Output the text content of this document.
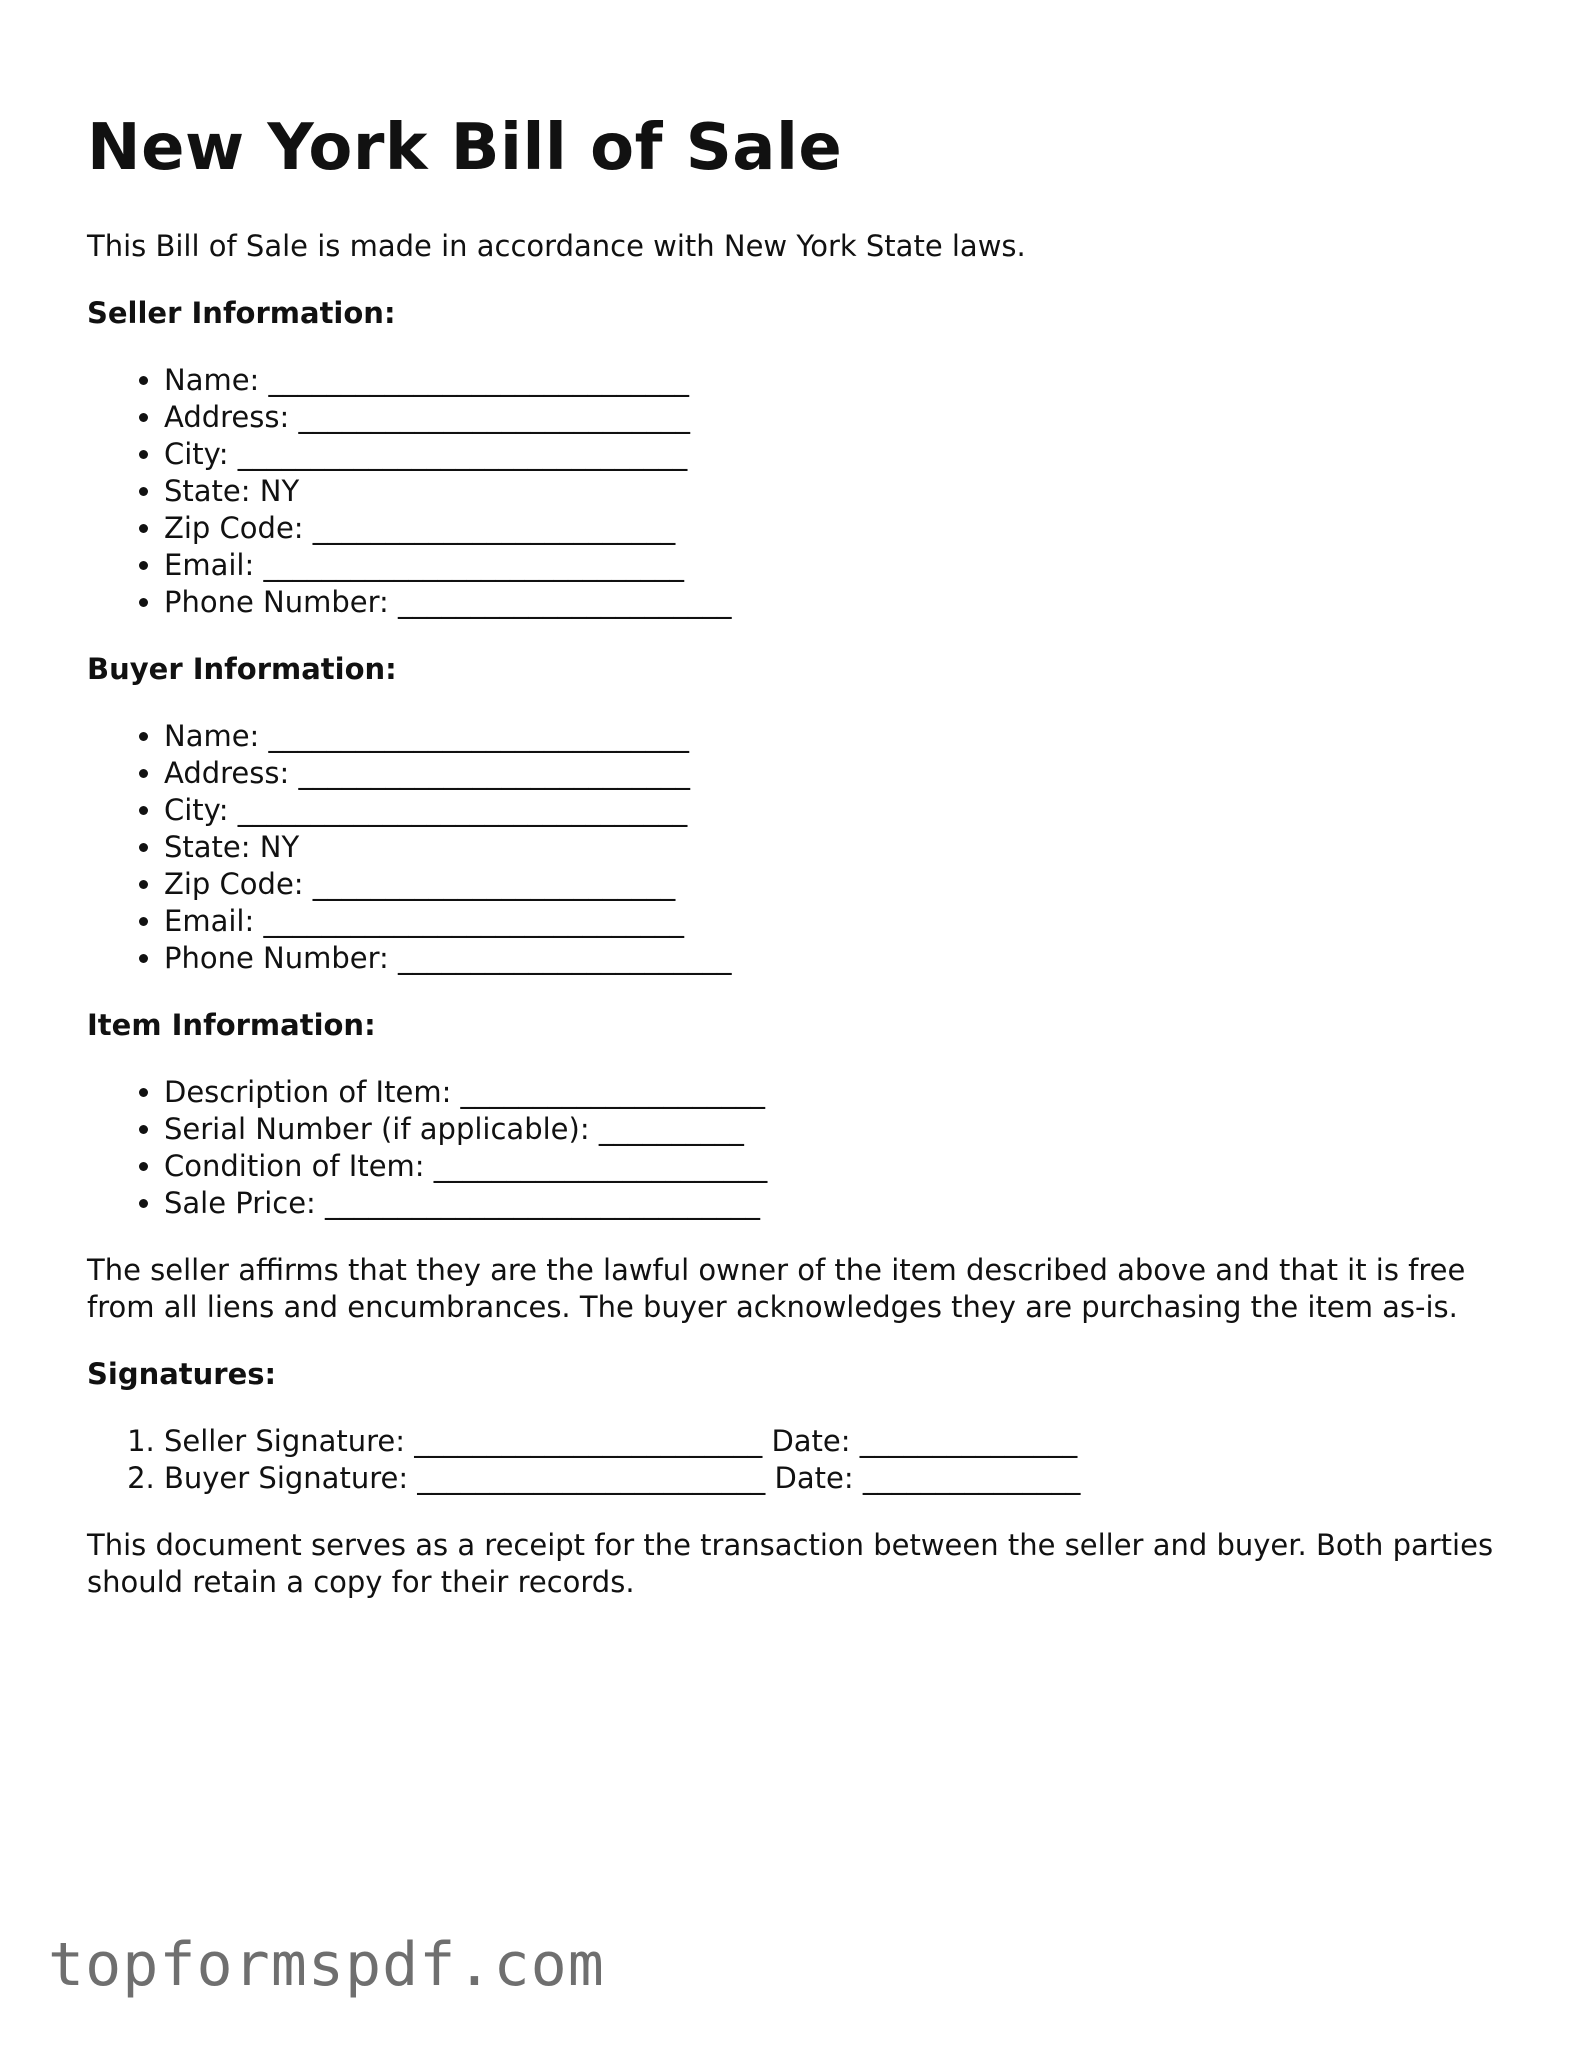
New York Bill of Sale

This Bill of Sale is made in accordance with New York State laws.

Seller Information:
• Name: _____________________________
• Address: ___________________________
• City: _______________________________
• State: NY
• Zip Code: _________________________
• Email: _____________________________
• Phone Number: _______________________
Buyer Information:
• Name: _____________________________
• Address: ___________________________
• City: _______________________________
• State: NY
• Zip Code: _________________________
• Email: _____________________________
• Phone Number: _______________________
Item Information:
• Description of Item: _____________________
• Serial Number (if applicable): __________
• Condition of Item: _______________________
• Sale Price: ______________________________

The seller affirms that they are the lawful owner of the item described above and that it is free from all liens and encumbrances. The buyer acknowledges they are purchasing the item as-is.

Signatures:
1. Seller Signature: ________________________ Date: _______________
2. Buyer Signature: ________________________ Date: _______________

This document serves as a receipt for the transaction between the seller and buyer. Both parties should retain a copy for their records.

topformspdf.com
